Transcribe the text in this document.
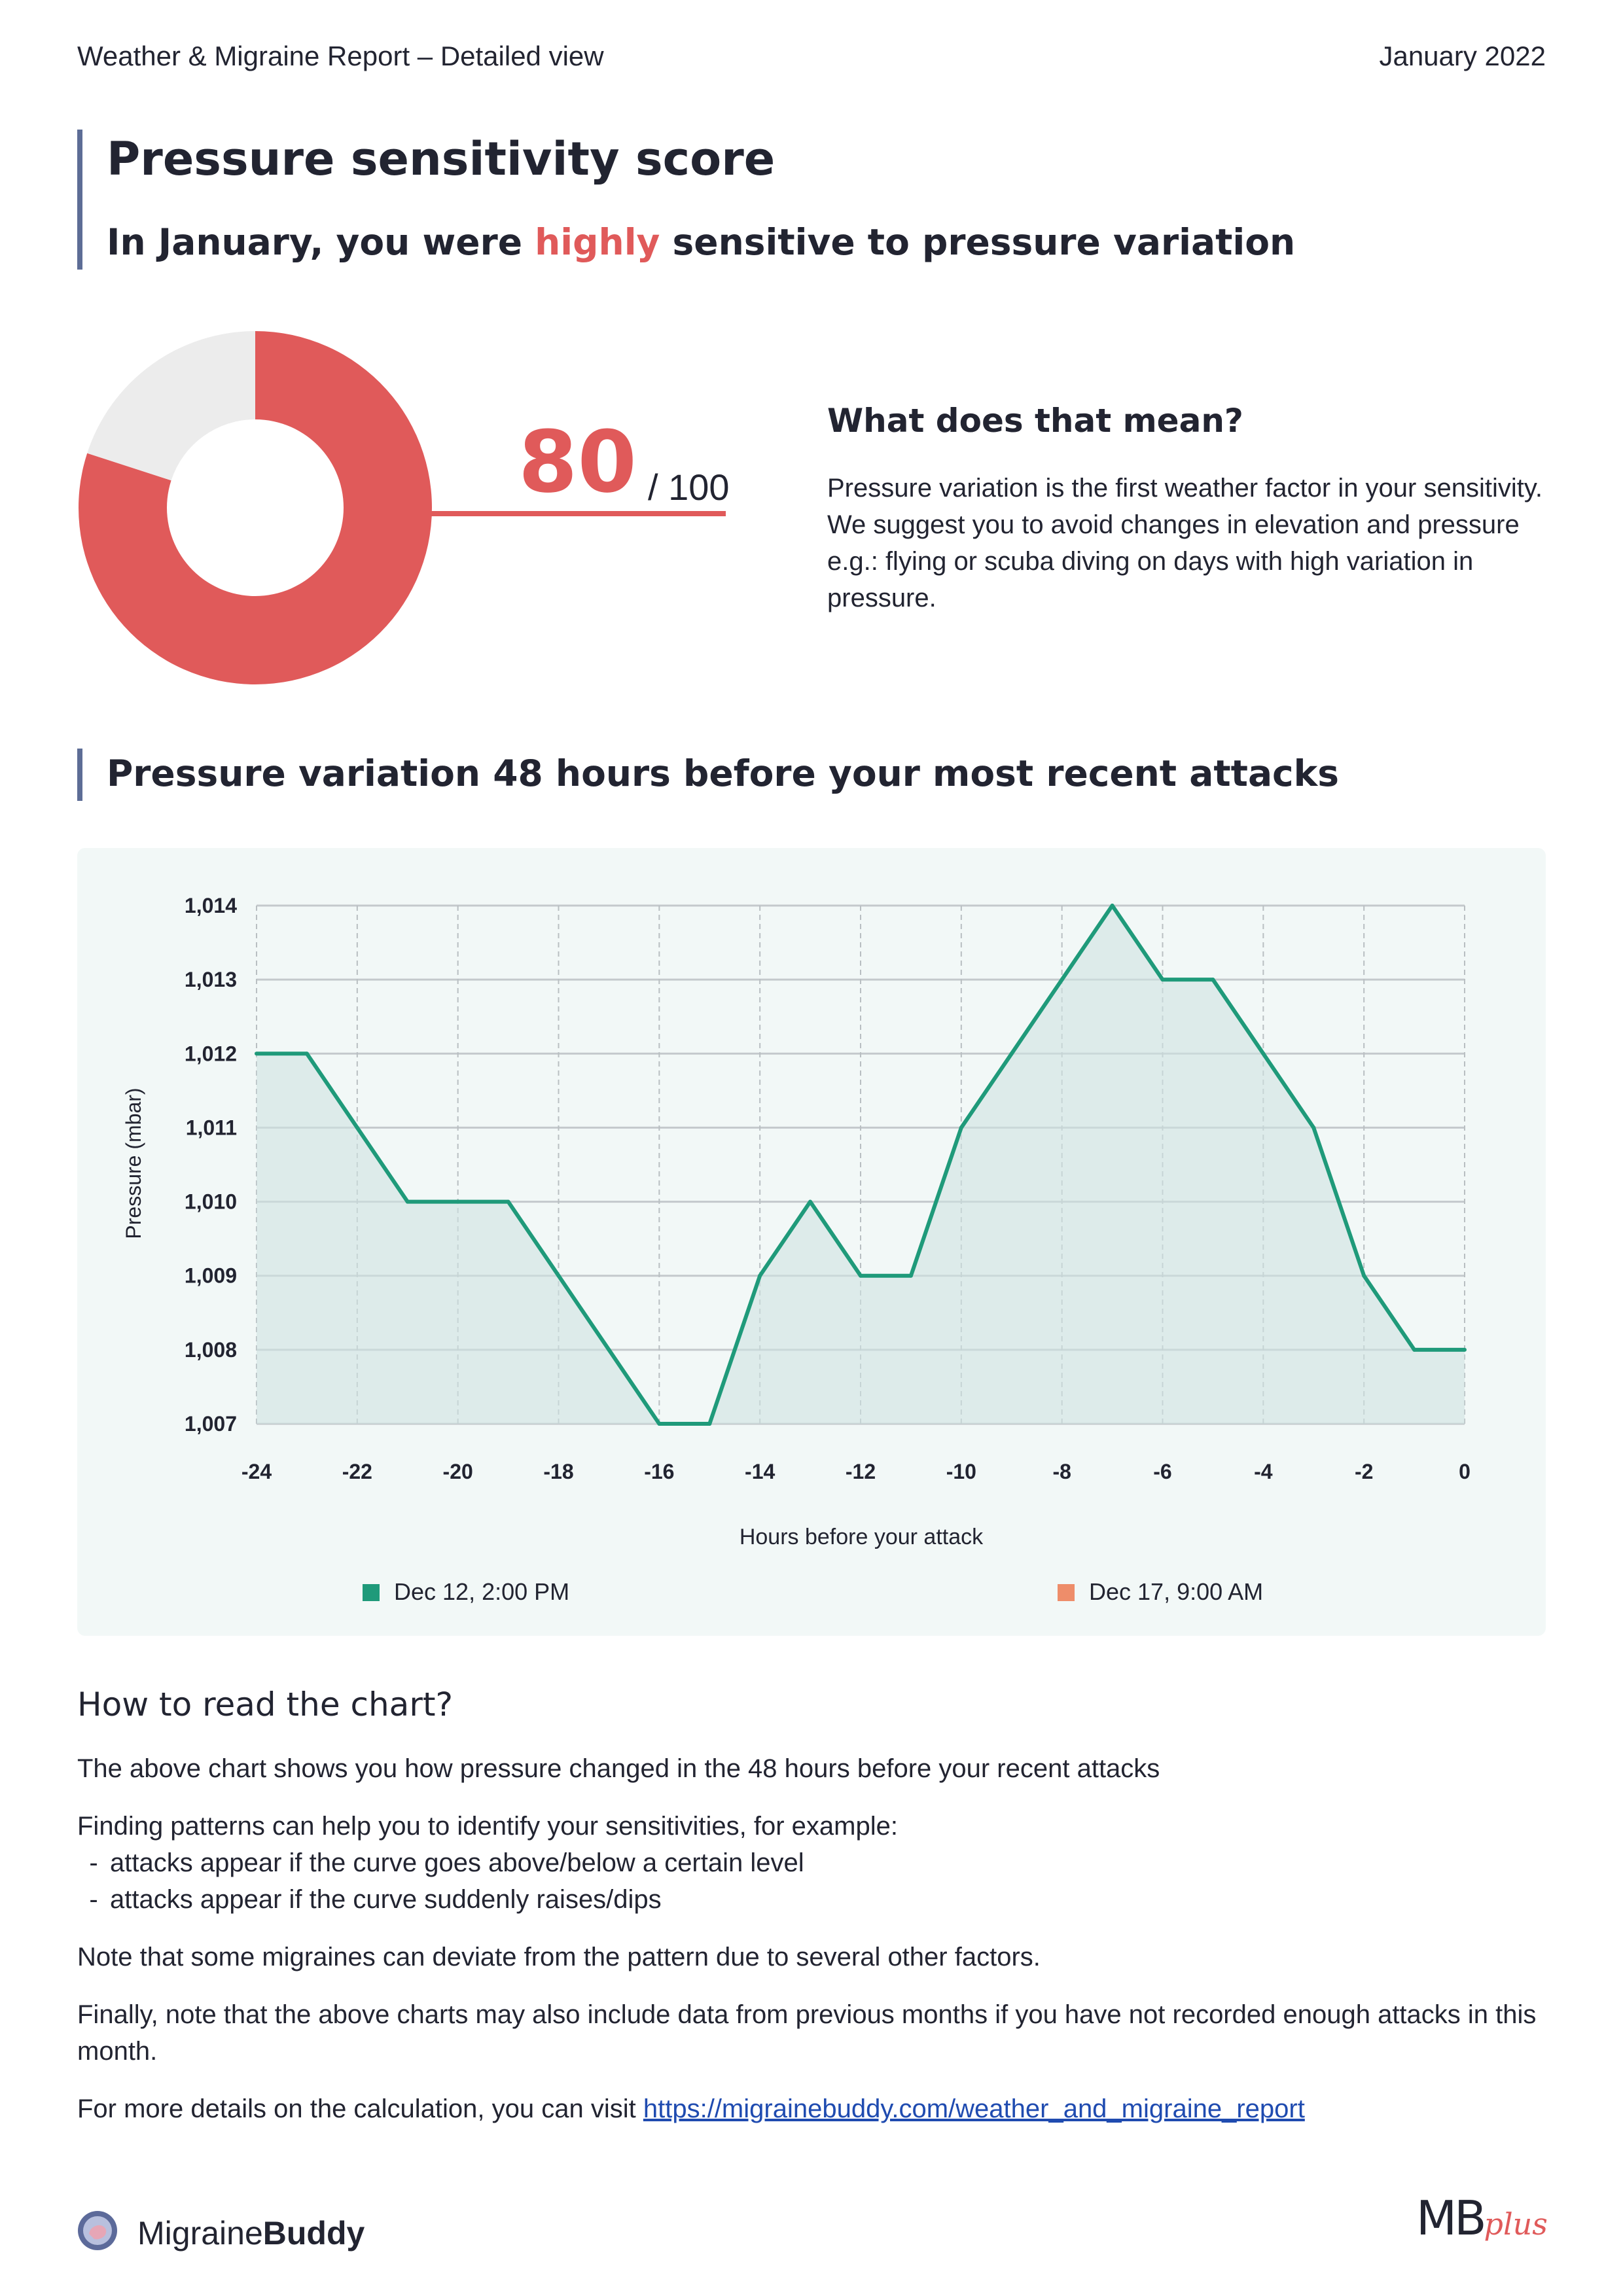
Weather & Migraine Report – Detailed view	January 2022
Pressure sensitivity score
In January, you were highly sensitive to pressure variation
80 / 100
What does that mean?
Pressure variation is the first weather factor in your sensitivity. We suggest you to avoid changes in elevation and pressure e.g.: flying or scuba diving on days with high variation in pressure.
Pressure variation 48 hours before your most recent attacks
1,014
1,013
1,012
1,011
1,010
1,009
1,008
1,007
-24	-22	-20	-18	-16	-14	-12	-10	-8	-6	-4	-2	0
Pressure (mbar)
Hours before your attack
Dec 12, 2:00 PM	Dec 17, 9:00 AM
How to read the chart?
The above chart shows you how pressure changed in the 48 hours before your recent attacks
Finding patterns can help you to identify your sensitivities, for example:
- attacks appear if the curve goes above/below a certain level
- attacks appear if the curve suddenly raises/dips
Note that some migraines can deviate from the pattern due to several other factors.
Finally, note that the above charts may also include data from previous months if you have not recorded enough attacks in this month.
For more details on the calculation, you can visit https://migrainebuddy.com/weather_and_migraine_report
MigraineBuddy	MBplus
